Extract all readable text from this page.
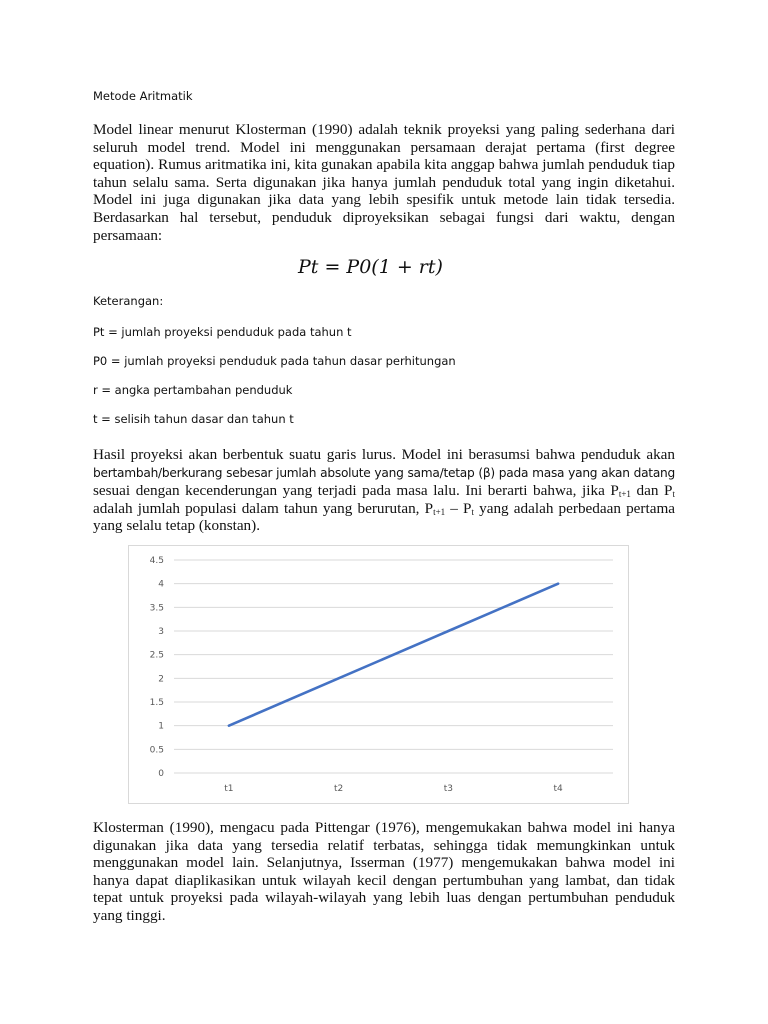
Metode Aritmatik
Model linear menurut Klosterman (1990) adalah teknik proyeksi yang paling sederhana dari seluruh model trend. Model ini menggunakan persamaan derajat pertama (first degree equation). Rumus aritmatika ini, kita gunakan apabila kita anggap bahwa jumlah penduduk tiap tahun selalu sama. Serta digunakan jika hanya jumlah penduduk total yang ingin diketahui. Model ini juga digunakan jika data yang lebih spesifik untuk metode lain tidak tersedia. Berdasarkan hal tersebut, penduduk diproyeksikan sebagai fungsi dari waktu, dengan persamaan:
Pt = P0(1 + rt)
Keterangan:
Pt = jumlah proyeksi penduduk pada tahun t
P0 = jumlah proyeksi penduduk pada tahun dasar perhitungan
r = angka pertambahan penduduk
t = selisih tahun dasar dan tahun t
Hasil proyeksi akan berbentuk suatu garis lurus. Model ini berasumsi bahwa penduduk akan bertambah/berkurang sebesar jumlah absolute yang sama/tetap (β) pada masa yang akan datang sesuai dengan kecenderungan yang terjadi pada masa lalu. Ini berarti bahwa, jika $P_{t+1}$ dan $P_t$ adalah jumlah populasi dalam tahun yang berurutan, $P_{t+1} - P_t$ yang adalah perbedaan pertama yang selalu tetap (konstan).
0
0.5
1
1.5
2
2.5
3
3.5
4
4.5
t1	t2	t3	t4
Klosterman (1990), mengacu pada Pittengar (1976), mengemukakan bahwa model ini hanya digunakan jika data yang tersedia relatif terbatas, sehingga tidak memungkinkan untuk menggunakan model lain. Selanjutnya, Isserman (1977) mengemukakan bahwa model ini hanya dapat diaplikasikan untuk wilayah kecil dengan pertumbuhan yang lambat, dan tidak tepat untuk proyeksi pada wilayah-wilayah yang lebih luas dengan pertumbuhan penduduk yang tinggi.
